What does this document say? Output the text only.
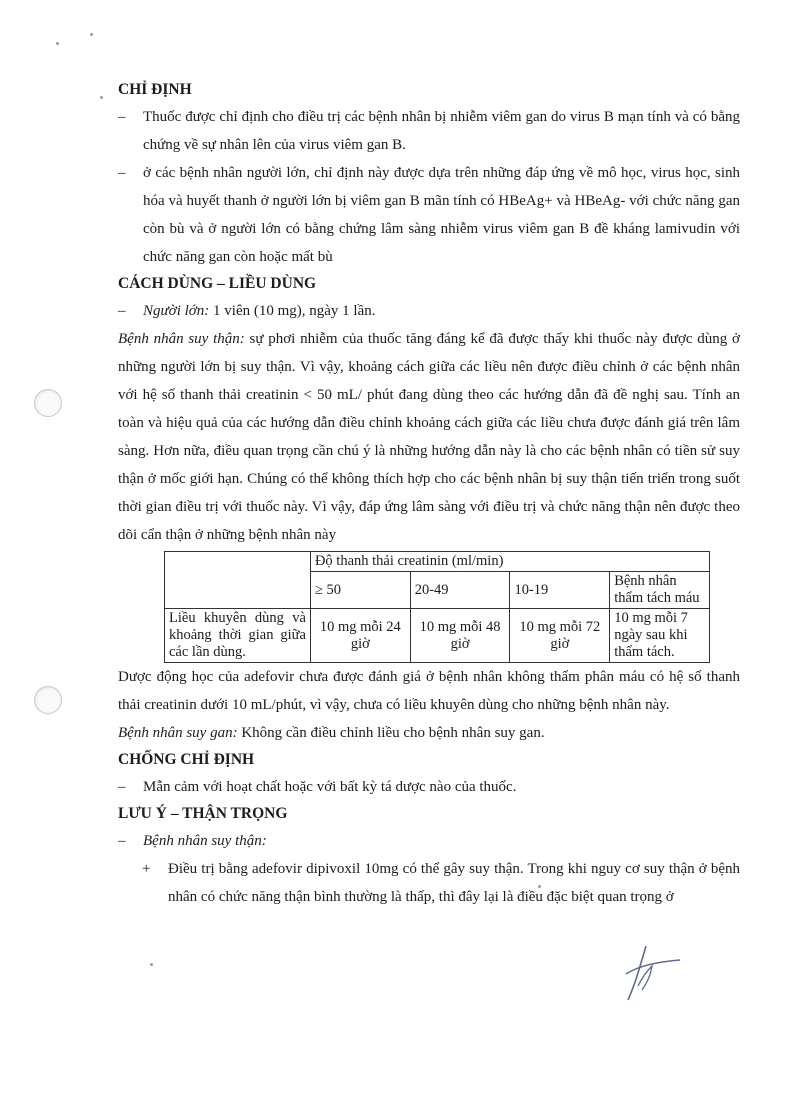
CHỈ ĐỊNH

– Thuốc được chỉ định cho điều trị các bệnh nhân bị nhiễm viêm gan do virus B mạn tính và có bằng chứng về sự nhân lên của virus viêm gan B.

– ở các bệnh nhân người lớn, chỉ định này được dựa trên những đáp ứng về mô học, virus học, sinh hóa và huyết thanh ở người lớn bị viêm gan B mãn tính có HBeAg+ và HBeAg- với chức năng gan còn bù và ở người lớn có bằng chứng lâm sàng nhiễm virus viêm gan B đề kháng lamivudin với chức năng gan còn hoặc mất bù

CÁCH DÙNG – LIỀU DÙNG

– Người lớn: 1 viên (10 mg), ngày 1 lần.

Bệnh nhân suy thận: sự phơi nhiễm của thuốc tăng đáng kể đã được thấy khi thuốc này được dùng ở những người lớn bị suy thận. Vì vậy, khoảng cách giữa các liều nên được điều chỉnh ở các bệnh nhân với hệ số thanh thải creatinin < 50 mL/ phút đang dùng theo các hướng dẫn đã đề nghị sau. Tính an toàn và hiệu quả của các hướng dẫn điều chỉnh khoảng cách giữa các liều chưa được đánh giá trên lâm sàng. Hơn nữa, điều quan trọng cần chú ý là những hướng dẫn này là cho các bệnh nhân có tiền sử suy thận ở mốc giới hạn. Chúng có thể không thích hợp cho các bệnh nhân bị suy thận tiến triển trong suốt thời gian điều trị với thuốc này. Vì vậy, đáp ứng lâm sàng với điều trị và chức năng thận nên được theo dõi cẩn thận ở những bệnh nhân này

	Độ thanh thải creatinin (ml/min)			
	≥ 50	20-49	10-19	Bệnh nhân thẩm tách máu
Liều khuyên dùng và khoảng thời gian giữa các lần dùng.	10 mg mỗi 24 giờ	10 mg mỗi 48 giờ	10 mg mỗi 72 giờ	10 mg mỗi 7 ngày sau khi thẩm tách.

Dược động học của adefovir chưa được đánh giá ở bệnh nhân không thẩm phân máu có hệ số thanh thải creatinin dưới 10 mL/phút, vì vậy, chưa có liều khuyên dùng cho những bệnh nhân này.

Bệnh nhân suy gan: Không cần điều chỉnh liều cho bệnh nhân suy gan.

CHỐNG CHỈ ĐỊNH

– Mẫn cảm với hoạt chất hoặc với bất kỳ tá dược nào của thuốc.

LƯU Ý – THẬN TRỌNG

– Bệnh nhân suy thận:

+ Điều trị bằng adefovir dipivoxil 10mg có thể gây suy thận. Trong khi nguy cơ suy thận ở bệnh nhân có chức năng thận bình thường là thấp, thì đây lại là điều đặc biệt quan trọng ở
